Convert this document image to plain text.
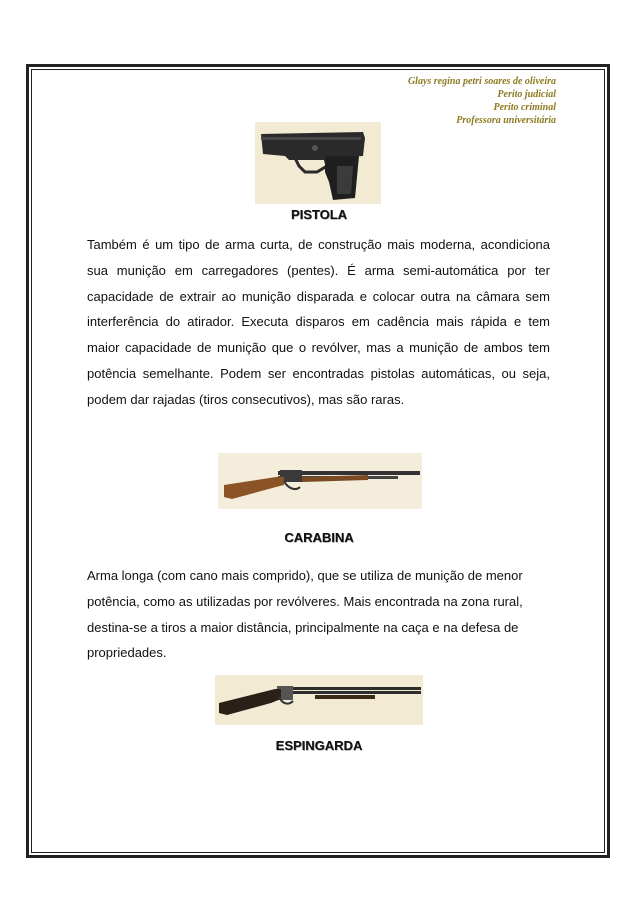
Glays regina petri soares de oliveira
Perito judicial
Perito criminal
Professora universitária
PISTOLA

Também é um tipo de arma curta, de construção mais moderna, acondiciona sua munição em carregadores (pentes). É arma semi-automática por ter capacidade de extrair ao munição disparada e colocar outra na câmara sem interferência do atirador. Executa disparos em cadência mais rápida e tem maior capacidade de munição que o revólver, mas a munição de ambos tem potência semelhante. Podem ser encontradas pistolas automáticas, ou seja, podem dar rajadas (tiros consecutivos), mas são raras.

CARABINA

Arma longa (com cano mais comprido), que se utiliza de munição de menor potência, como as utilizadas por revólveres. Mais encontrada na zona rural, destina-se a tiros a maior distância, principalmente na caça e na defesa de propriedades.

ESPINGARDA
